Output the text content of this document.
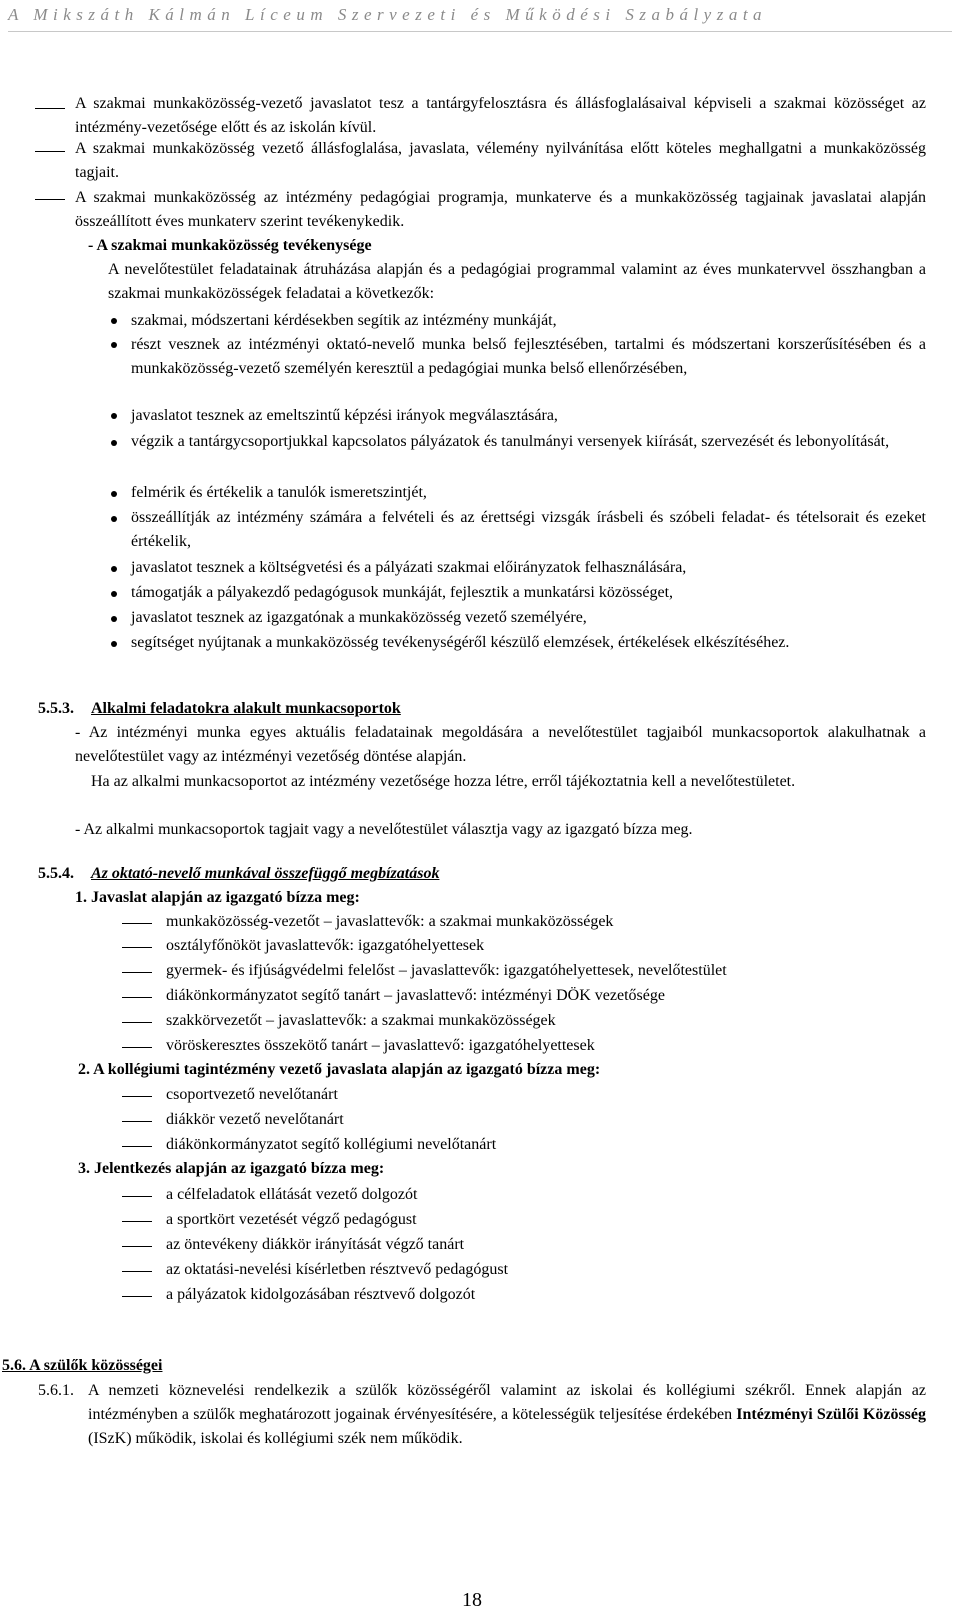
A Mikszáth Kálmán Líceum Szervezeti és Működési Szabályzata
A szakmai munkaközösség-vezető javaslatot tesz a tantárgyfelosztásra és állásfoglalásaival képviseli a szakmai közösséget az intézmény-vezetősége előtt és az iskolán kívül.
A szakmai munkaközösség vezető állásfoglalása, javaslata, vélemény nyilvánítása előtt köteles meghallgatni a munkaközösség tagjait.
A szakmai munkaközösség az intézmény pedagógiai programja, munkaterve és a munkaközösség tagjainak javaslatai alapján összeállított éves munkaterv szerint tevékenykedik.
- A szakmai munkaközösség tevékenysége
A nevelőtestület feladatainak átruházása alapján és a pedagógiai programmal valamint az éves munkatervvel összhangban a szakmai munkaközösségek feladatai a következők:
szakmai, módszertani kérdésekben segítik az intézmény munkáját,
részt vesznek az intézményi oktató-nevelő munka belső fejlesztésében, tartalmi és módszertani korszerűsítésében és a munkaközösség-vezető személyén keresztül a pedagógiai munka belső ellenőrzésében,
javaslatot tesznek az emeltszintű képzési irányok megválasztására,
végzik a tantárgycsoportjukkal kapcsolatos pályázatok és tanulmányi versenyek kiírását, szervezését és lebonyolítását,
felmérik és értékelik a tanulók ismeretszintjét,
összeállítják az intézmény számára a felvételi és az érettségi vizsgák írásbeli és szóbeli feladat- és tételsorait és ezeket értékelik,
javaslatot tesznek a költségvetési és a pályázati szakmai előirányzatok felhasználására,
támogatják a pályakezdő pedagógusok munkáját, fejlesztik a munkatársi közösséget,
javaslatot tesznek az igazgatónak a munkaközösség vezető személyére,
segítséget nyújtanak a munkaközösség tevékenységéről készülő elemzések, értékelések elkészítéséhez.
5.5.3.	Alkalmi feladatokra alakult munkacsoportok
- Az intézményi munka egyes aktuális feladatainak megoldására a nevelőtestület tagjaiból munkacsoportok alakulhatnak a nevelőtestület vagy az intézményi vezetőség döntése alapján.
Ha az alkalmi munkacsoportot az intézmény vezetősége hozza létre, erről tájékoztatnia kell a nevelőtestületet.
- Az alkalmi munkacsoportok tagjait vagy a nevelőtestület választja vagy az igazgató bízza meg.
5.5.4.	Az oktató-nevelő munkával összefüggő megbízatások
1. Javaslat alapján az igazgató bízza meg:
munkaközösség-vezetőt – javaslattevők: a szakmai munkaközösségek
osztályfőnököt javaslattevők: igazgatóhelyettesek
gyermek- és ifjúságvédelmi felelőst – javaslattevők: igazgatóhelyettesek, nevelőtestület
diákönkormányzatot segítő tanárt – javaslattevő: intézményi DÖK vezetősége
szakkörvezetőt – javaslattevők: a szakmai munkaközösségek
vöröskeresztes összekötő tanárt – javaslattevő: igazgatóhelyettesek
2. A kollégiumi tagintézmény vezető javaslata alapján az igazgató bízza meg:
csoportvezető nevelőtanárt
diákkör vezető nevelőtanárt
diákönkormányzatot segítő kollégiumi nevelőtanárt
3. Jelentkezés alapján az igazgató bízza meg:
a célfeladatok ellátását vezető dolgozót
a sportkört vezetését végző pedagógust
az öntevékeny diákkör irányítását végző tanárt
az oktatási-nevelési kísérletben résztvevő pedagógust
a pályázatok kidolgozásában résztvevő dolgozót
5.6. A szülők közösségei
5.6.1. A nemzeti köznevelési rendelkezik a szülők közösségéről valamint az iskolai és kollégiumi székről. Ennek alapján az intézményben a szülők meghatározott jogainak érvényesítésére, a kötelességük teljesítése érdekében Intézményi Szülői Közösség (ISzK) működik, iskolai és kollégiumi szék nem működik.
18
